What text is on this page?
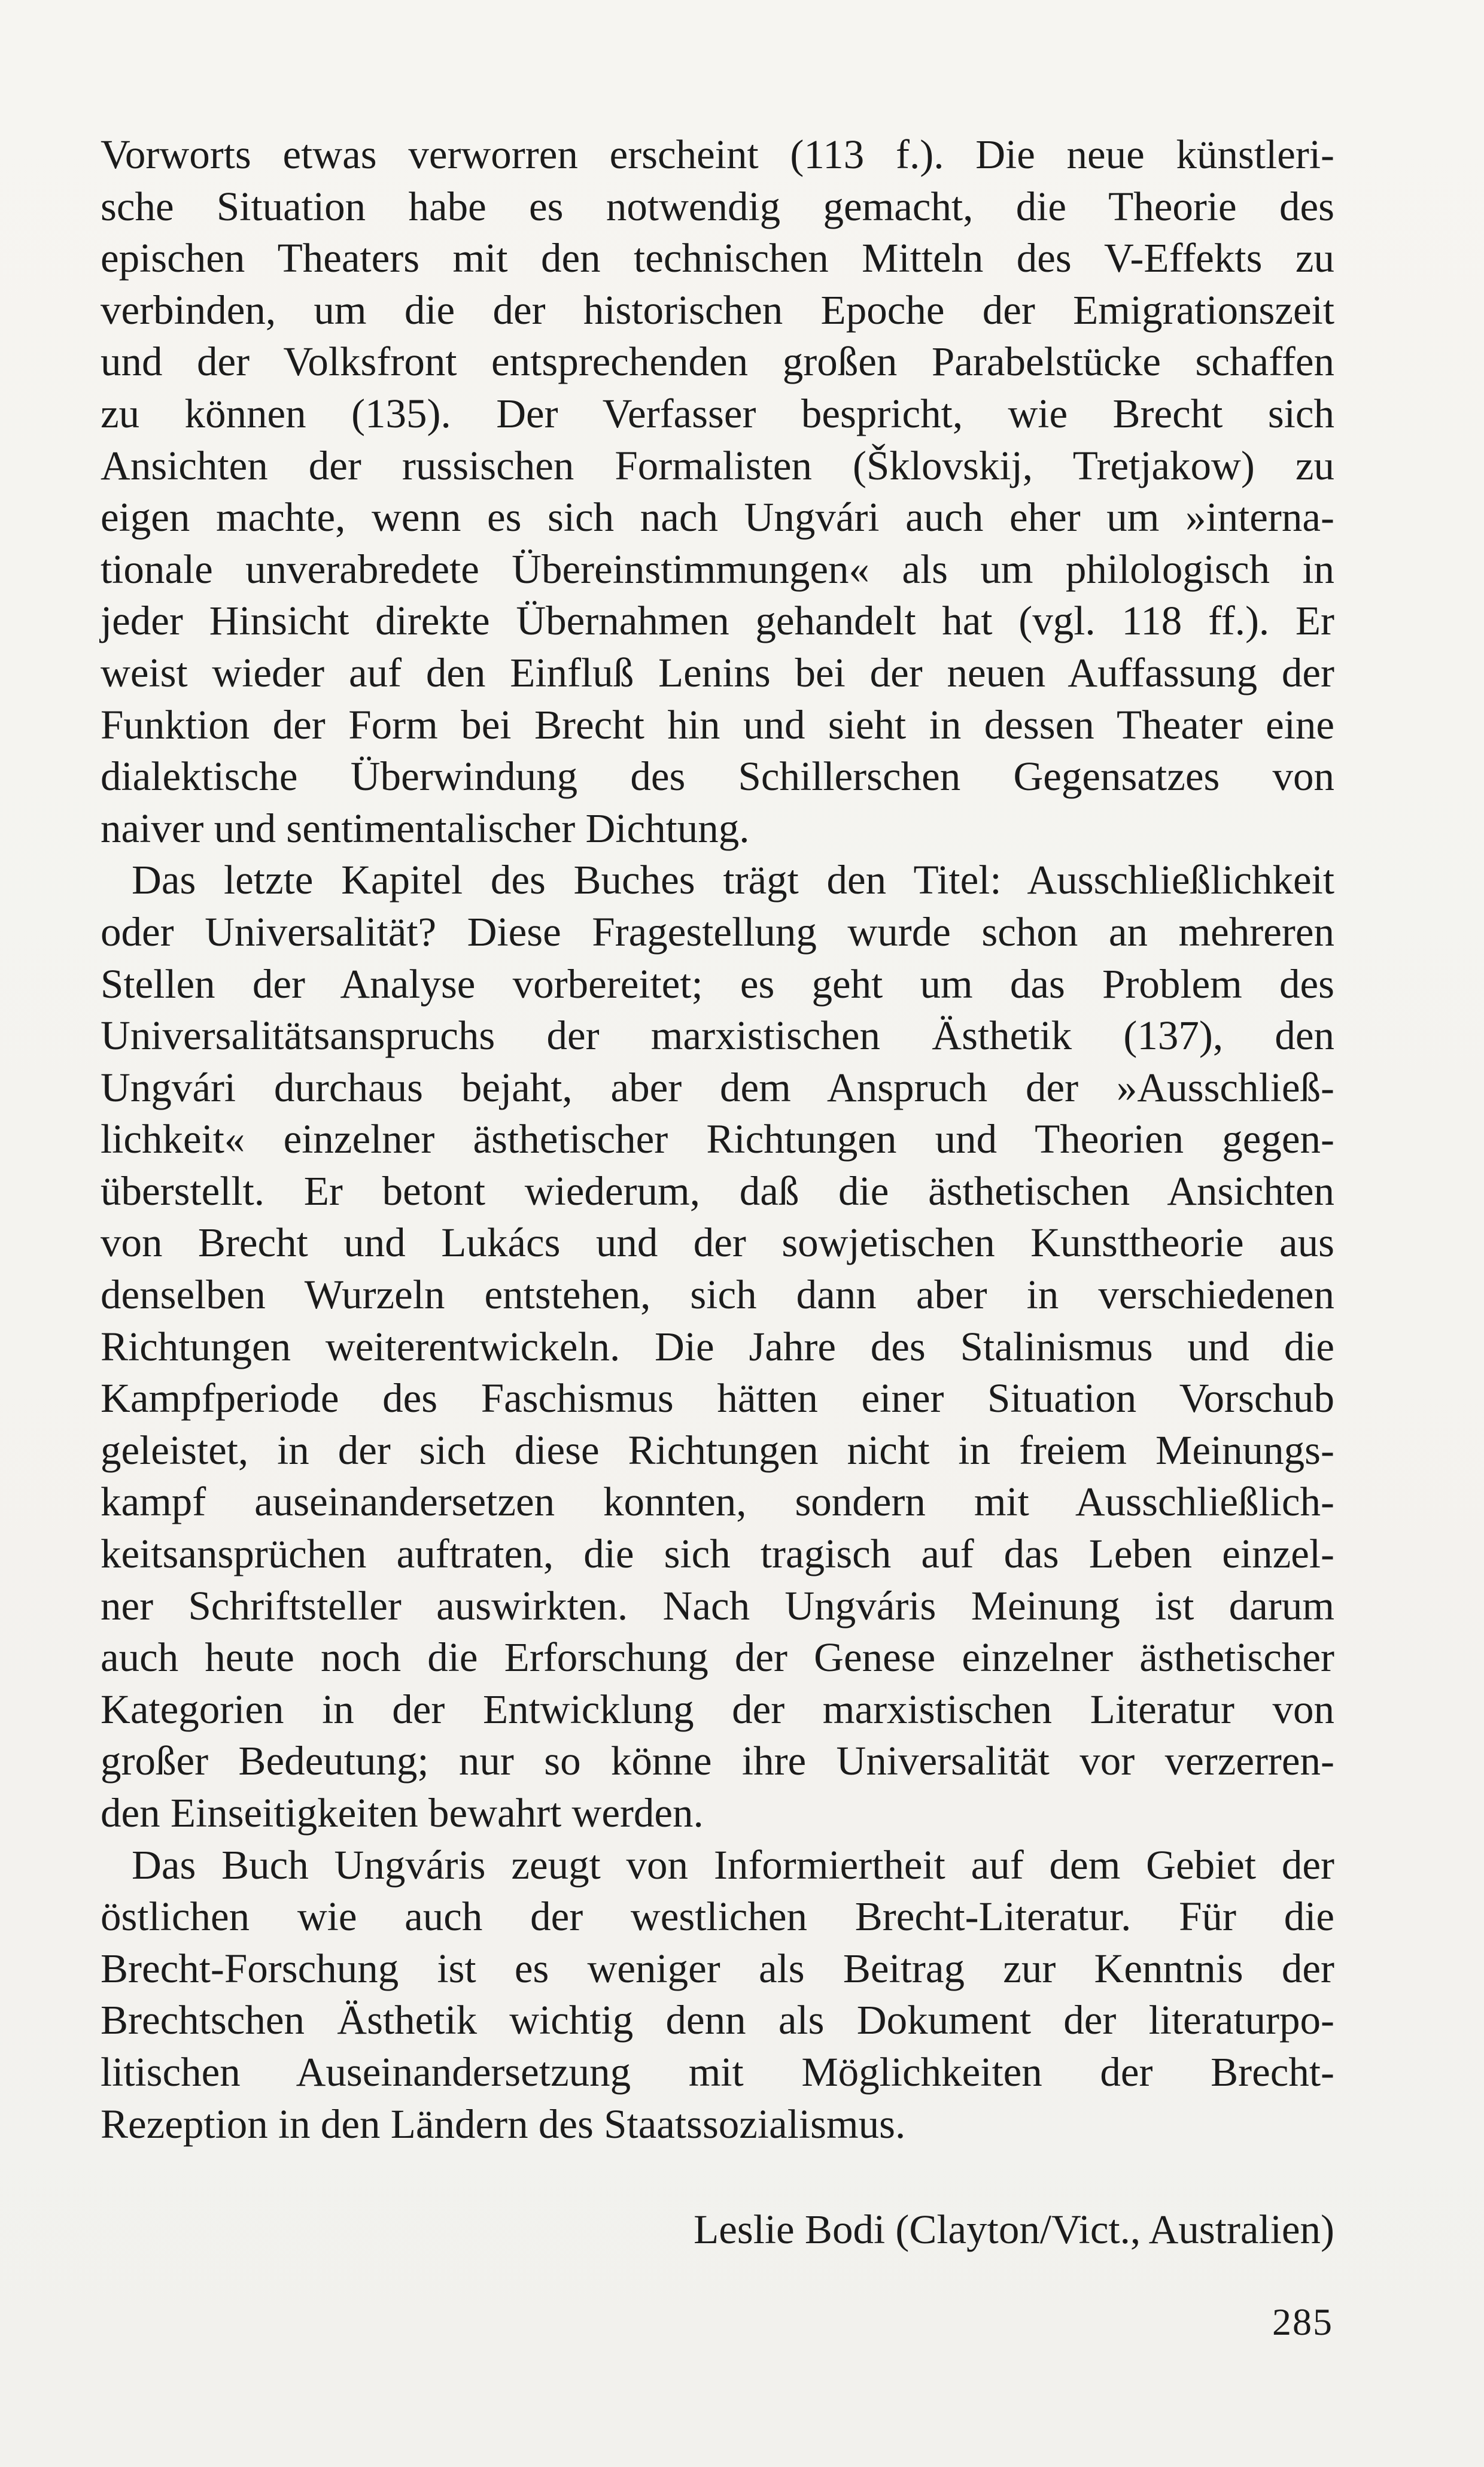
Vorworts etwas verworren erscheint (113 f.). Die neue künstleri-
sche Situation habe es notwendig gemacht, die Theorie des
epischen Theaters mit den technischen Mitteln des V-Effekts zu
verbinden, um die der historischen Epoche der Emigrationszeit
und der Volksfront entsprechenden großen Parabelstücke schaffen
zu können (135). Der Verfasser bespricht, wie Brecht sich
Ansichten der russischen Formalisten (Šklovskij, Tretjakow) zu
eigen machte, wenn es sich nach Ungvári auch eher um »interna-
tionale unverabredete Übereinstimmungen« als um philologisch in
jeder Hinsicht direkte Übernahmen gehandelt hat (vgl. 118 ff.). Er
weist wieder auf den Einfluß Lenins bei der neuen Auffassung der
Funktion der Form bei Brecht hin und sieht in dessen Theater eine
dialektische Überwindung des Schillerschen Gegensatzes von
naiver und sentimentalischer Dichtung.
Das letzte Kapitel des Buches trägt den Titel: Ausschließlichkeit
oder Universalität? Diese Fragestellung wurde schon an mehreren
Stellen der Analyse vorbereitet; es geht um das Problem des
Universalitätsanspruchs der marxistischen Ästhetik (137), den
Ungvári durchaus bejaht, aber dem Anspruch der »Ausschließ-
lichkeit« einzelner ästhetischer Richtungen und Theorien gegen-
überstellt. Er betont wiederum, daß die ästhetischen Ansichten
von Brecht und Lukács und der sowjetischen Kunsttheorie aus
denselben Wurzeln entstehen, sich dann aber in verschiedenen
Richtungen weiterentwickeln. Die Jahre des Stalinismus und die
Kampfperiode des Faschismus hätten einer Situation Vorschub
geleistet, in der sich diese Richtungen nicht in freiem Meinungs-
kampf auseinandersetzen konnten, sondern mit Ausschließlich-
keitsansprüchen auftraten, die sich tragisch auf das Leben einzel-
ner Schriftsteller auswirkten. Nach Ungváris Meinung ist darum
auch heute noch die Erforschung der Genese einzelner ästhetischer
Kategorien in der Entwicklung der marxistischen Literatur von
großer Bedeutung; nur so könne ihre Universalität vor verzerren-
den Einseitigkeiten bewahrt werden.
Das Buch Ungváris zeugt von Informiertheit auf dem Gebiet der
östlichen wie auch der westlichen Brecht-Literatur. Für die
Brecht-Forschung ist es weniger als Beitrag zur Kenntnis der
Brechtschen Ästhetik wichtig denn als Dokument der literaturpo-
litischen Auseinandersetzung mit Möglichkeiten der Brecht-
Rezeption in den Ländern des Staatssozialismus.
Leslie Bodi (Clayton/Vict., Australien)
285
